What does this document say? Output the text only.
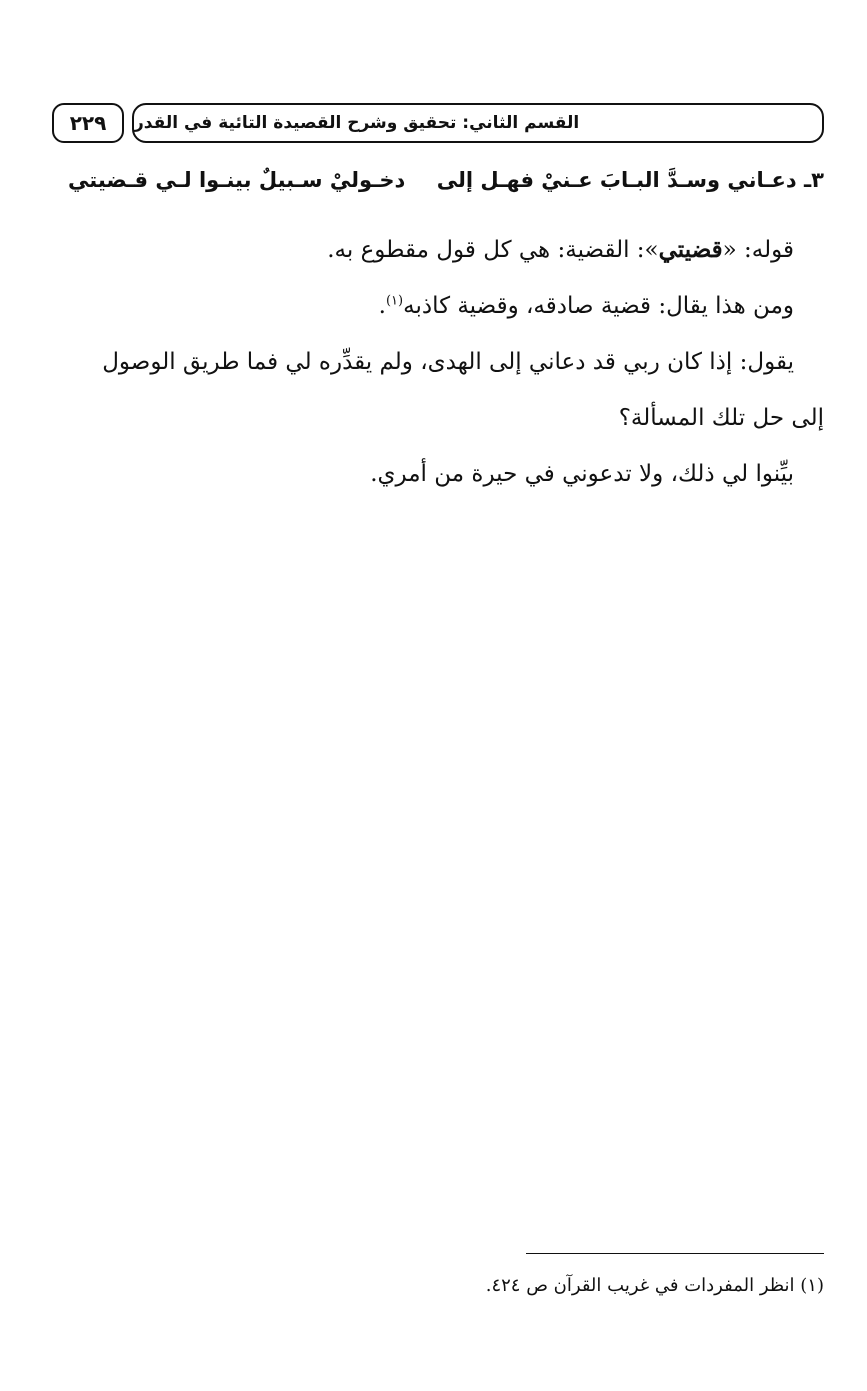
٢٢٩	القسم الثاني: تحقيق وشرح القصيدة التائية في القدر
٣ـ دعـاني وسـدَّ البـابَ عـنيْ فهـل إلى
دخـوليْ سـبيلٌ بينـوا لـي قـضيتي

قوله: «قضيتي»: القضية: هي كل قول مقطوع به.

ومن هذا يقال: قضية صادقه، وقضية كاذبه$^{(١)}$.

يقول: إذا كان ربي قد دعاني إلى الهدى، ولم يقدِّره لي فما طريق الوصول

إلى حل تلك المسألة؟

بيِّنوا لي ذلك، ولا تدعوني في حيرة من أمري.

(١) انظر المفردات في غريب القرآن ص ٤٢٤.
